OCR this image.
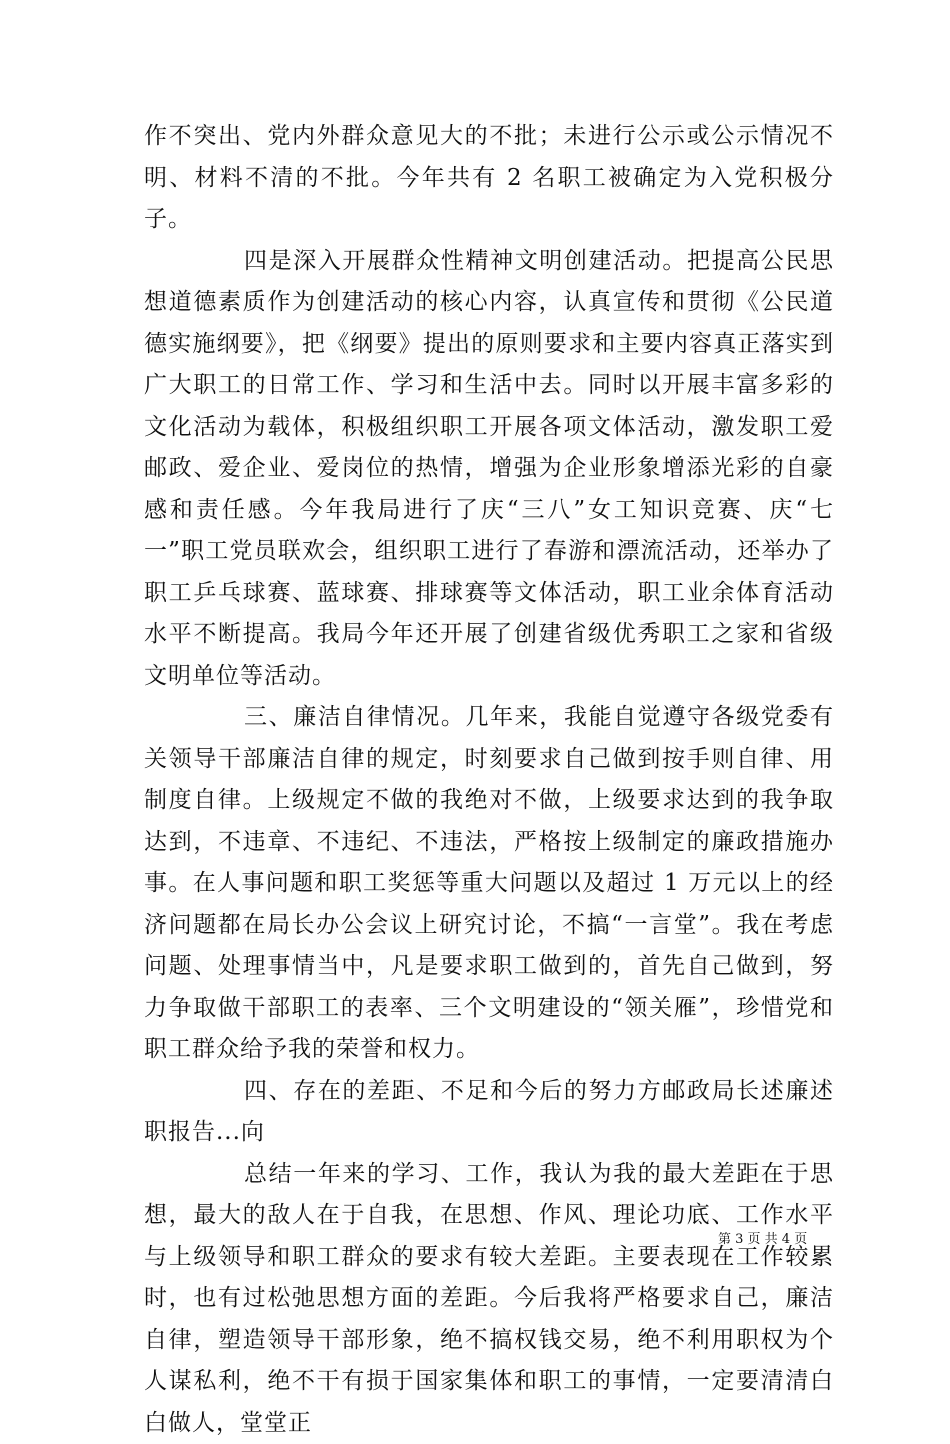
作不突出、党内外群众意见大的不批；未进行公示或公示情况不明、材料不清的不批。今年共有 2 名职工被确定为入党积极分子。

四是深入开展群众性精神文明创建活动。把提高公民思想道德素质作为创建活动的核心内容，认真宣传和贯彻《公民道德实施纲要》，把《纲要》提出的原则要求和主要内容真正落实到广大职工的日常工作、学习和生活中去。同时以开展丰富多彩的文化活动为载体，积极组织职工开展各项文体活动，激发职工爱邮政、爱企业、爱岗位的热情，增强为企业形象增添光彩的自豪感和责任感。今年我局进行了庆“三八”女工知识竞赛、庆“七一”职工党员联欢会，组织职工进行了春游和漂流活动，还举办了职工乒乓球赛、蓝球赛、排球赛等文体活动，职工业余体育活动水平不断提高。我局今年还开展了创建省级优秀职工之家和省级文明单位等活动。

三、廉洁自律情况。几年来，我能自觉遵守各级党委有关领导干部廉洁自律的规定，时刻要求自己做到按手则自律、用制度自律。上级规定不做的我绝对不做，上级要求达到的我争取达到，不违章、不违纪、不违法，严格按上级制定的廉政措施办事。在人事问题和职工奖惩等重大问题以及超过 1 万元以上的经济问题都在局长办公会议上研究讨论，不搞“一言堂”。我在考虑问题、处理事情当中，凡是要求职工做到的，首先自己做到，努力争取做干部职工的表率、三个文明建设的“领关雁”，珍惜党和职工群众给予我的荣誉和权力。

四、存在的差距、不足和今后的努力方邮政局长述廉述职报告...向

总结一年来的学习、工作，我认为我的最大差距在于思想，最大的敌人在于自我，在思想、作风、理论功底、工作水平与上级领导和职工群众的要求有较大差距。主要表现在工作较累时，也有过松弛思想方面的差距。今后我将严格要求自己，廉洁自律，塑造领导干部形象，绝不搞权钱交易，绝不利用职权为个人谋私利，绝不干有损于国家集体和职工的事情，一定要清清白白做人，堂堂正

第 3 页 共 4 页
